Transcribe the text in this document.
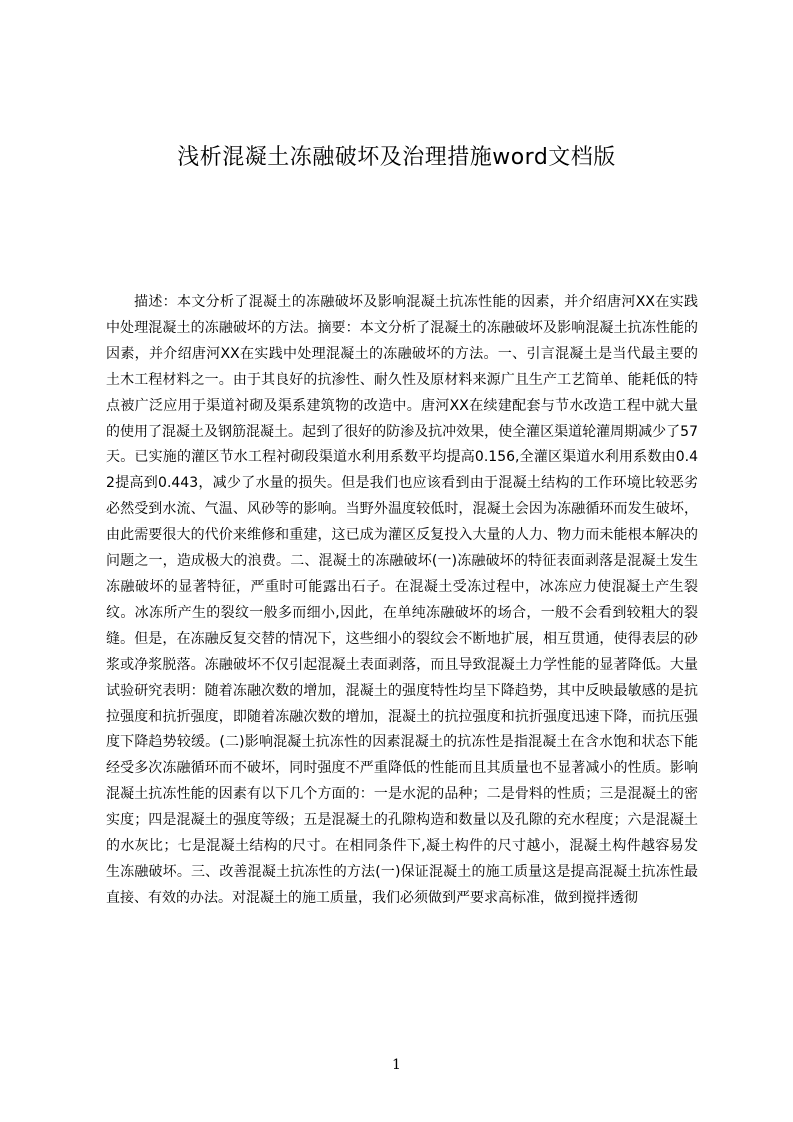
浅析混凝土冻融破坏及治理措施word文档版

描述：本文分析了混凝土的冻融破坏及影响混凝土抗冻性能的因素，并介绍唐河XX在实践中处理混凝土的冻融破坏的方法。摘要：本文分析了混凝土的冻融破坏及影响混凝土抗冻性能的因素，并介绍唐河XX在实践中处理混凝土的冻融破坏的方法。一、引言混凝土是当代最主要的土木工程材料之一。由于其良好的抗渗性、耐久性及原材料来源广且生产工艺简单、能耗低的特点被广泛应用于渠道衬砌及渠系建筑物的改造中。唐河XX在续建配套与节水改造工程中就大量的使用了混凝土及钢筋混凝土。起到了很好的防渗及抗冲效果，使全灌区渠道轮灌周期减少了57天。已实施的灌区节水工程衬砌段渠道水利用系数平均提高0.156,全灌区渠道水利用系数由0.42提高到0.443，减少了水量的损失。但是我们也应该看到由于混凝土结构的工作环境比较恶劣必然受到水流、气温、风砂等的影响。当野外温度较低时，混凝土会因为冻融循环而发生破坏，由此需要很大的代价来维修和重建，这已成为灌区反复投入大量的人力、物力而未能根本解决的问题之一，造成极大的浪费。二、混凝土的冻融破坏(一)冻融破坏的特征表面剥落是混凝土发生冻融破坏的显著特征，严重时可能露出石子。在混凝土受冻过程中，冰冻应力使混凝土产生裂纹。冰冻所产生的裂纹一般多而细小,因此，在单纯冻融破坏的场合，一般不会看到较粗大的裂缝。但是，在冻融反复交替的情况下，这些细小的裂纹会不断地扩展，相互贯通，使得表层的砂浆或净浆脱落。冻融破坏不仅引起混凝土表面剥落，而且导致混凝土力学性能的显著降低。大量试验研究表明：随着冻融次数的增加，混凝土的强度特性均呈下降趋势，其中反映最敏感的是抗拉强度和抗折强度，即随着冻融次数的增加，混凝土的抗拉强度和抗折强度迅速下降，而抗压强度下降趋势较缓。(二)影响混凝土抗冻性的因素混凝土的抗冻性是指混凝土在含水饱和状态下能经受多次冻融循环而不破坏，同时强度不严重降低的性能而且其质量也不显著减小的性质。影响混凝土抗冻性能的因素有以下几个方面的：一是水泥的品种；二是骨料的性质；三是混凝土的密实度；四是混凝土的强度等级；五是混凝土的孔隙构造和数量以及孔隙的充水程度；六是混凝土的水灰比；七是混凝土结构的尺寸。在相同条件下,凝土构件的尺寸越小，混凝土构件越容易发生冻融破坏。三、改善混凝土抗冻性的方法(一)保证混凝土的施工质量这是提高混凝土抗冻性最直接、有效的办法。对混凝土的施工质量，我们必须做到严要求高标准，做到搅拌透彻

1
